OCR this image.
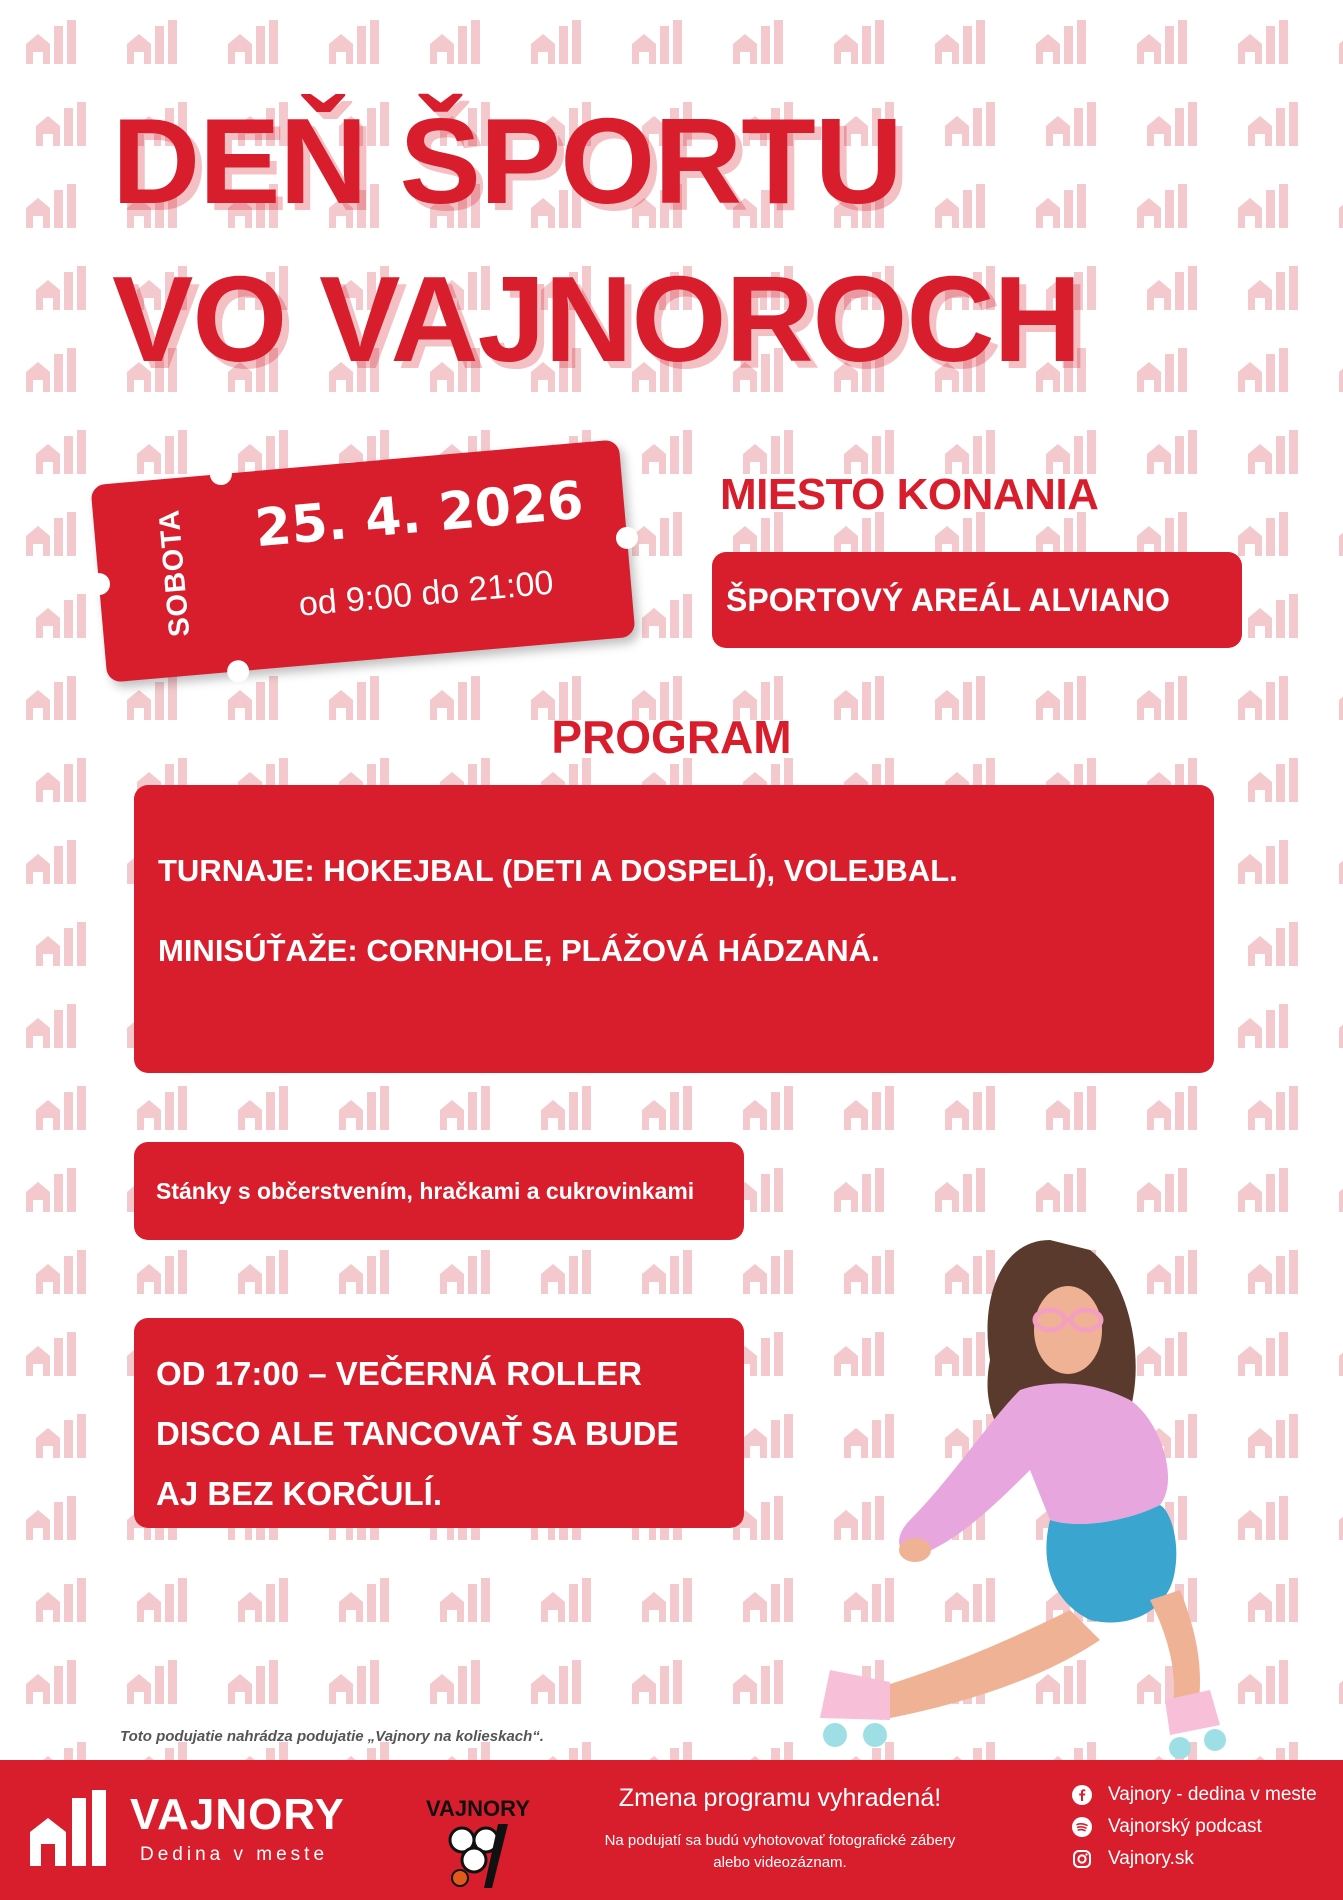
DEŇ ŠPORTU
VO VAJNOROCH
SOBOTA	25. 4. 2026
od 9:00 do 21:00
MIESTO KONANIA
ŠPORTOVÝ AREÁL ALVIANO
PROGRAM

TURNAJE: HOKEJBAL (DETI A DOSPELÍ), VOLEJBAL.

MINISÚŤAŽE: CORNHOLE, PLÁŽOVÁ HÁDZANÁ.

Stánky s občerstvením, hračkami a cukrovinkami
OD 17:00 – VEČERNÁ ROLLER
DISCO ALE TANCOVAŤ SA BUDE
AJ BEZ KORČULÍ.
Toto podujatie nahrádza podujatie „Vajnory na kolieskach“.
VAJNORY
Dedina v meste
VAJNORY	Zmena programu vyhradená!
Na podujatí sa budú vyhotovovať fotografické zábery alebo videozáznam.
Vajnory - dedina v meste
Vajnorský podcast
Vajnory.sk
